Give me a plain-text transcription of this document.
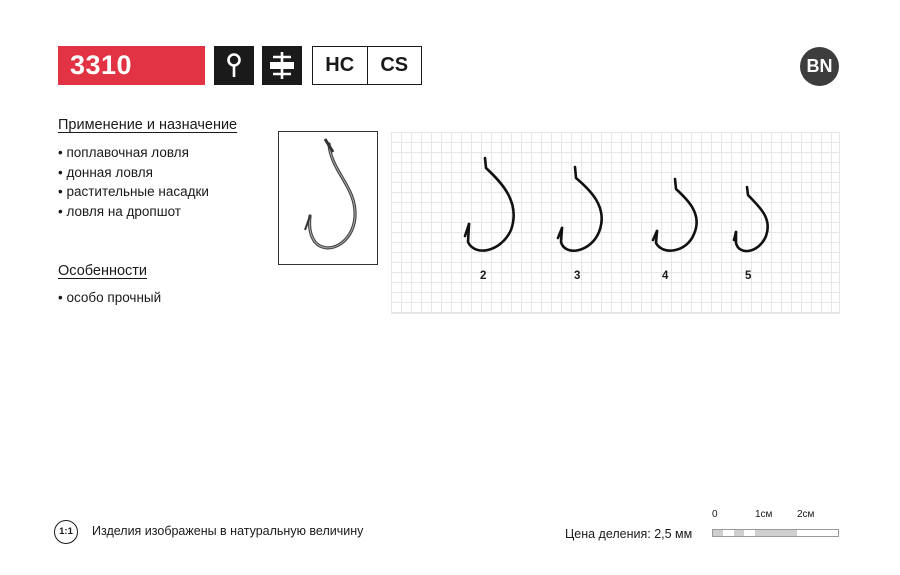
3310	HC	CS	BN
Применение и назначение
• поплавочная ловля
• донная ловля
• растительные насадки
• ловля на дропшот
Особенности
• особо прочный
2	3	4	5
1:1	Изделия изображены в натуральную величину	Цена деления: 2,5 мм
0	1см 2см
